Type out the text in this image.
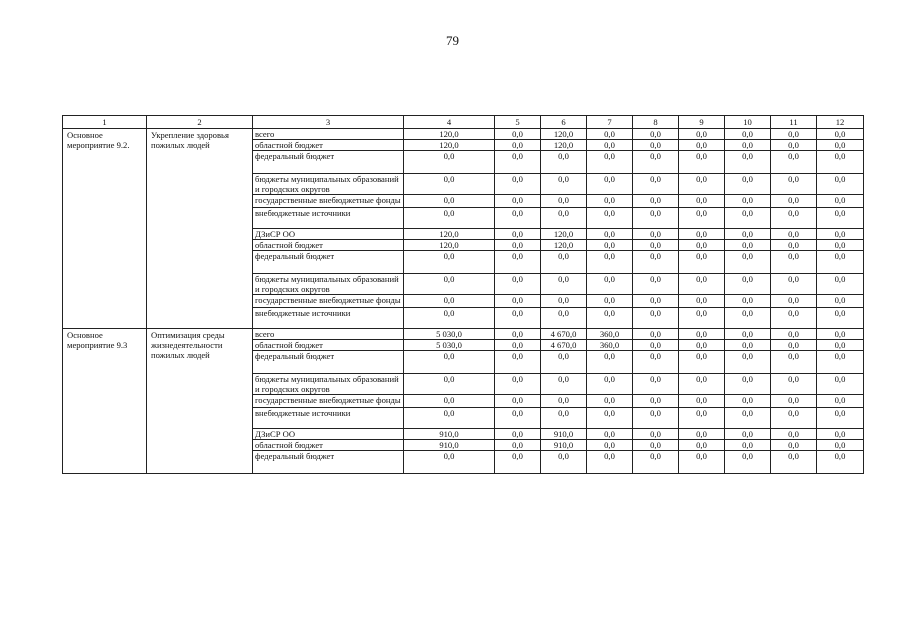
79
1	2	3	4	5	6	7	8	9	10	11	12
Основное мероприятие 9.2.	Укрепление здоровья пожилых людей	всего	120,0	0,0	120,0	0,0	0,0	0,0	0,0	0,0	0,0
		областной бюджет	120,0	0,0	120,0	0,0	0,0	0,0	0,0	0,0	0,0
		федеральный бюджет	0,0	0,0	0,0	0,0	0,0	0,0	0,0	0,0	0,0
		бюджеты муниципальных образований и городских округов	0,0	0,0	0,0	0,0	0,0	0,0	0,0	0,0	0,0
		государственные внебюджетные фонды	0,0	0,0	0,0	0,0	0,0	0,0	0,0	0,0	0,0
		внебюджетные источники	0,0	0,0	0,0	0,0	0,0	0,0	0,0	0,0	0,0
		ДЗиСР ОО	120,0	0,0	120,0	0,0	0,0	0,0	0,0	0,0	0,0
		областной бюджет	120,0	0,0	120,0	0,0	0,0	0,0	0,0	0,0	0,0
		федеральный бюджет	0,0	0,0	0,0	0,0	0,0	0,0	0,0	0,0	0,0
		бюджеты муниципальных образований и городских округов	0,0	0,0	0,0	0,0	0,0	0,0	0,0	0,0	0,0
		государственные внебюджетные фонды	0,0	0,0	0,0	0,0	0,0	0,0	0,0	0,0	0,0
		внебюджетные источники	0,0	0,0	0,0	0,0	0,0	0,0	0,0	0,0	0,0
Основное мероприятие 9.3	Оптимизация среды жизнедеятельности пожилых людей	всего	5 030,0	0,0	4 670,0	360,0	0,0	0,0	0,0	0,0	0,0
		областной бюджет	5 030,0	0,0	4 670,0	360,0	0,0	0,0	0,0	0,0	0,0
		федеральный бюджет	0,0	0,0	0,0	0,0	0,0	0,0	0,0	0,0	0,0
		бюджеты муниципальных образований и городских округов	0,0	0,0	0,0	0,0	0,0	0,0	0,0	0,0	0,0
		государственные внебюджетные фонды	0,0	0,0	0,0	0,0	0,0	0,0	0,0	0,0	0,0
		внебюджетные источники	0,0	0,0	0,0	0,0	0,0	0,0	0,0	0,0	0,0
		ДЗиСР ОО	910,0	0,0	910,0	0,0	0,0	0,0	0,0	0,0	0,0
		областной бюджет	910,0	0,0	910,0	0,0	0,0	0,0	0,0	0,0	0,0
		федеральный бюджет	0,0	0,0	0,0	0,0	0,0	0,0	0,0	0,0	0,0
